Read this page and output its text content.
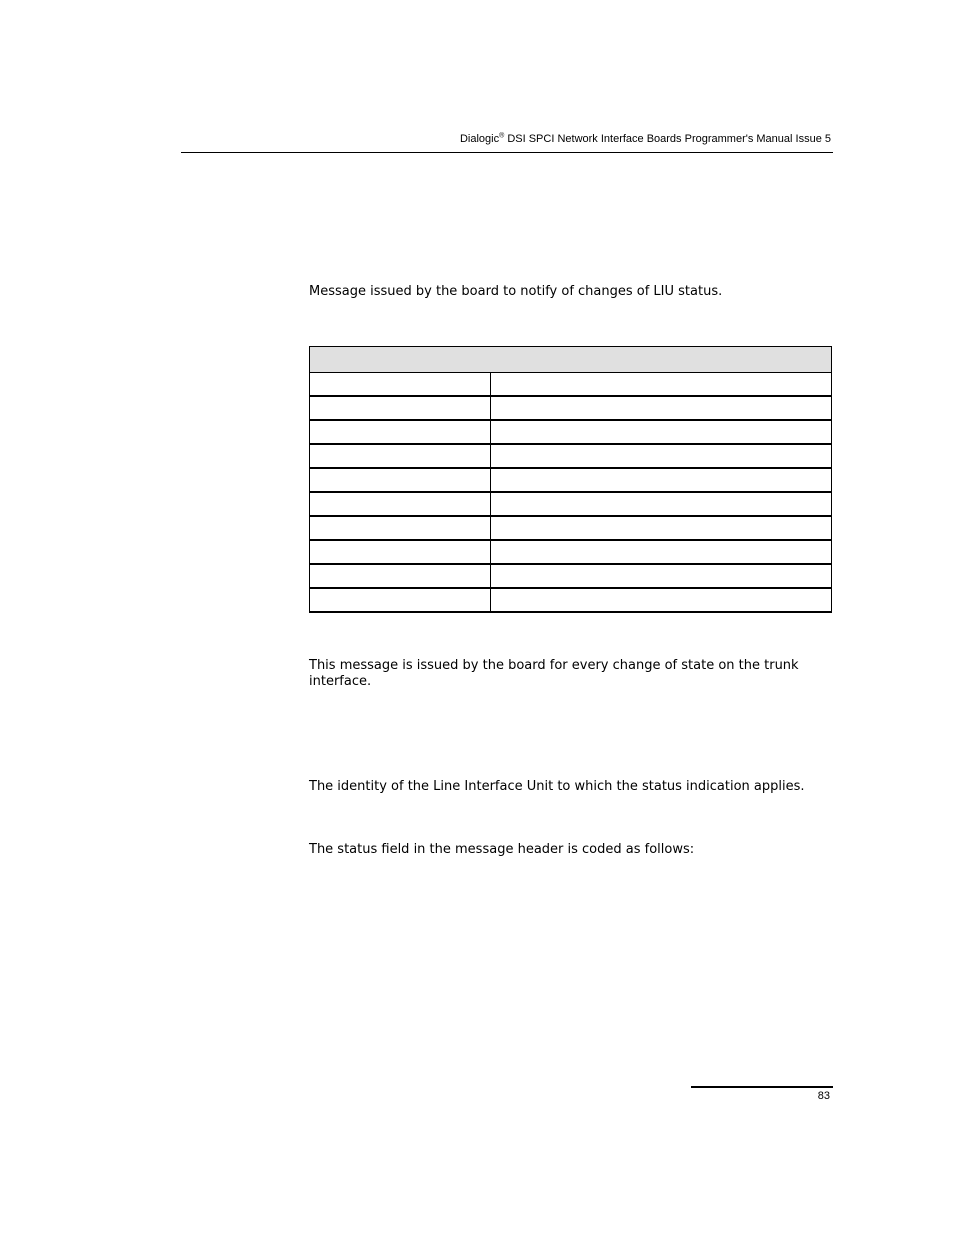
Dialogic® DSI SPCI Network Interface Boards Programmer's Manual Issue 5
Message issued by the board to notify of changes of LIU status.

This message is issued by the board for every change of state on the trunk interface.
The identity of the Line Interface Unit to which the status indication applies.
The status field in the message header is coded as follows:
83
